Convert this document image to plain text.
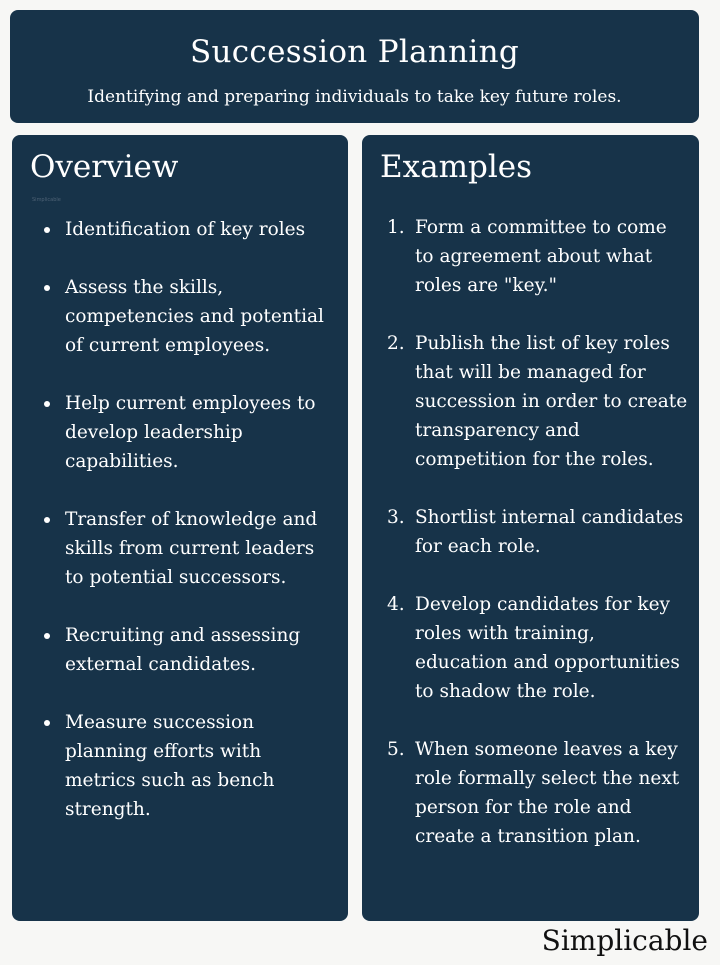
Succession Planning
Identifying and preparing individuals to take key future roles.
Overview
Simplicable
Identification of key roles
Assess the skills, competencies and potential of current employees.
Help current employees to develop leadership capabilities.
Transfer of knowledge and skills from current leaders to potential successors.
Recruiting and assessing external candidates.
Measure succession planning efforts with metrics such as bench strength.
Examples
1. Form a committee to come to agreement about what roles are "key."
2. Publish the list of key roles that will be managed for succession in order to create transparency and competition for the roles.
3. Shortlist internal candidates for each role.
4. Develop candidates for key roles with training, education and opportunities to shadow the role.
5. When someone leaves a key role formally select the next person for the role and create a transition plan.
Simplicable
